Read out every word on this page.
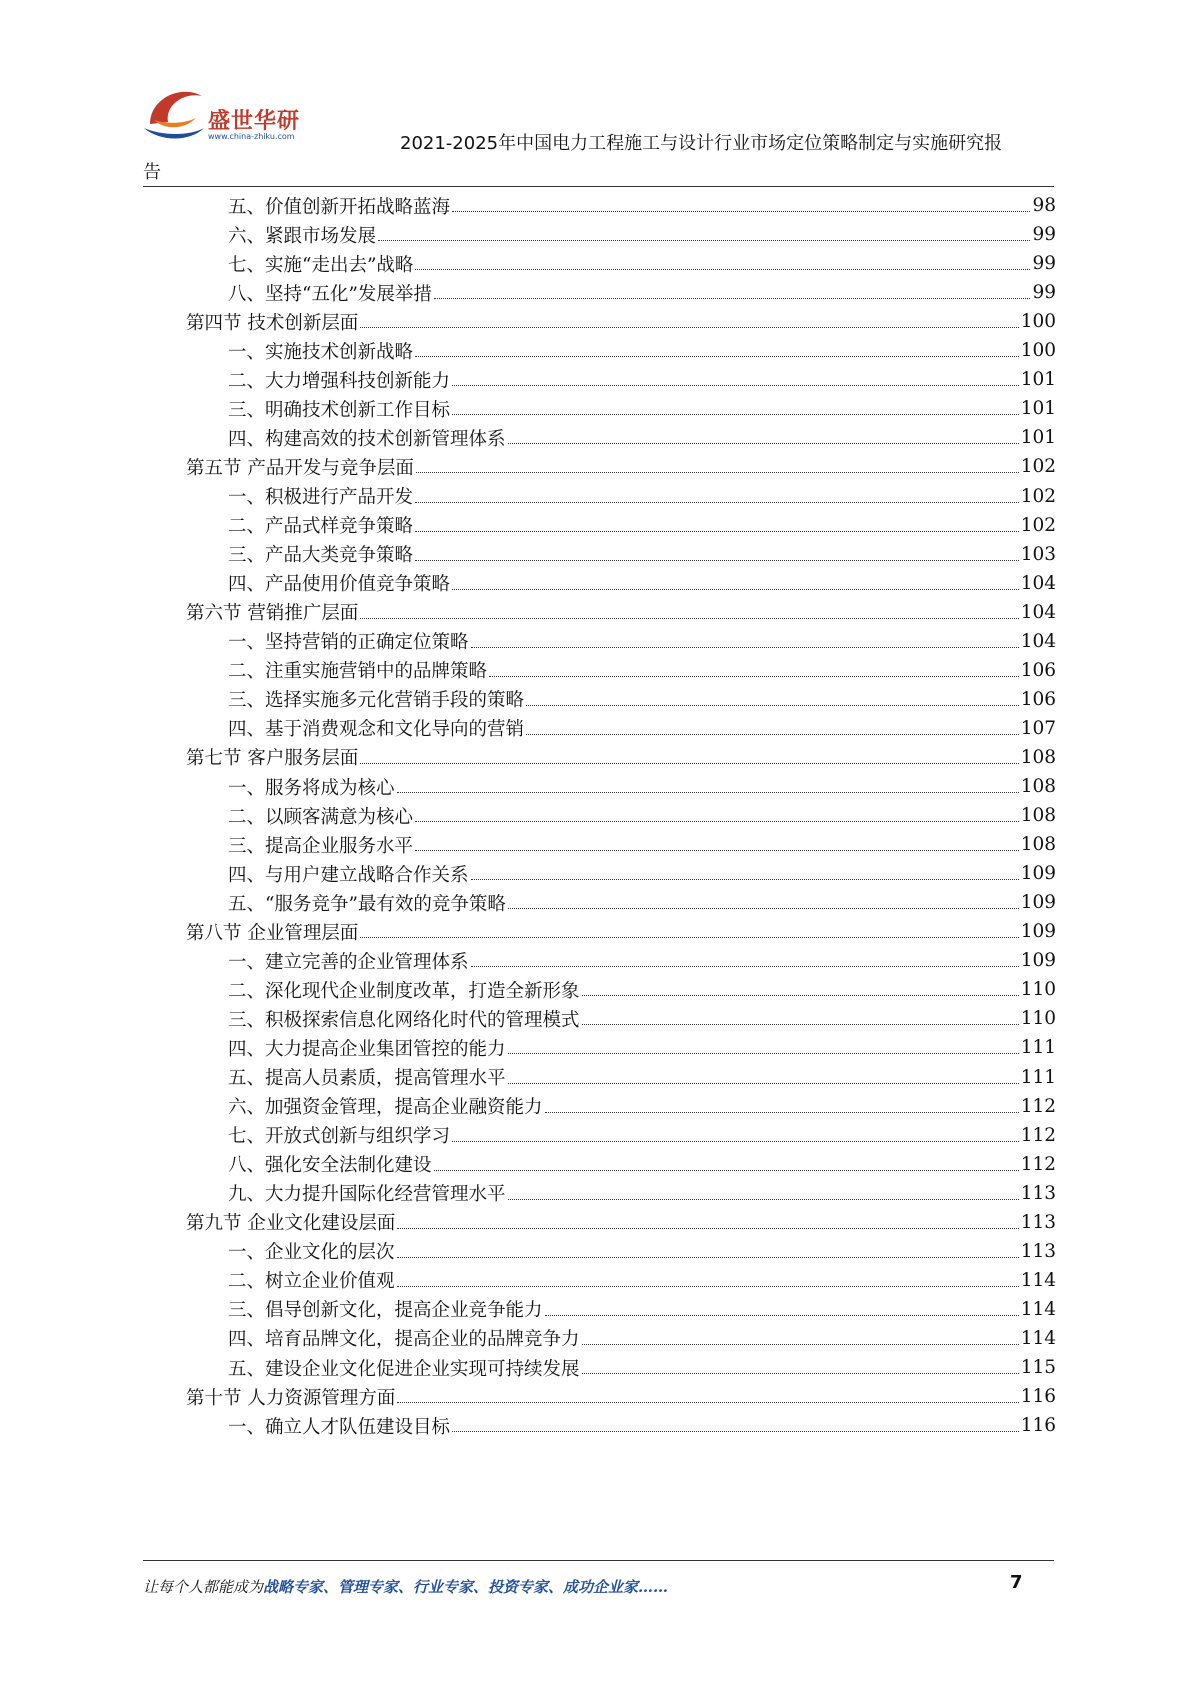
盛世华研
www.china-zhiku.com	2021-2025年中国电力工程施工与设计行业市场定位策略制定与实施研究报
告
五、价值创新开拓战略蓝海	98
六、紧跟市场发展	99
七、实施“走出去”战略	99
八、坚持“五化”发展举措	99
第四节 技术创新层面	100
一、实施技术创新战略	100
二、大力增强科技创新能力	101
三、明确技术创新工作目标	101
四、构建高效的技术创新管理体系	101
第五节 产品开发与竞争层面	102
一、积极进行产品开发	102
二、产品式样竞争策略	102
三、产品大类竞争策略	103
四、产品使用价值竞争策略	104
第六节 营销推广层面	104
一、坚持营销的正确定位策略	104
二、注重实施营销中的品牌策略	106
三、选择实施多元化营销手段的策略	106
四、基于消费观念和文化导向的营销	107
第七节 客户服务层面	108
一、服务将成为核心	108
二、以顾客满意为核心	108
三、提高企业服务水平	108
四、与用户建立战略合作关系	109
五、“服务竞争”最有效的竞争策略	109
第八节 企业管理层面	109
一、建立完善的企业管理体系	109
二、深化现代企业制度改革，打造全新形象	110
三、积极探索信息化网络化时代的管理模式	110
四、大力提高企业集团管控的能力	111
五、提高人员素质，提高管理水平	111
六、加强资金管理，提高企业融资能力	112
七、开放式创新与组织学习	112
八、强化安全法制化建设	112
九、大力提升国际化经营管理水平	113
第九节 企业文化建设层面	113
一、企业文化的层次	113
二、树立企业价值观	114
三、倡导创新文化，提高企业竞争能力	114
四、培育品牌文化，提高企业的品牌竞争力	114
五、建设企业文化促进企业实现可持续发展	115
第十节 人力资源管理方面	116
一、确立人才队伍建设目标	116
让每个人都能成为战略专家、管理专家、行业专家、投资专家、成功企业家……	7
